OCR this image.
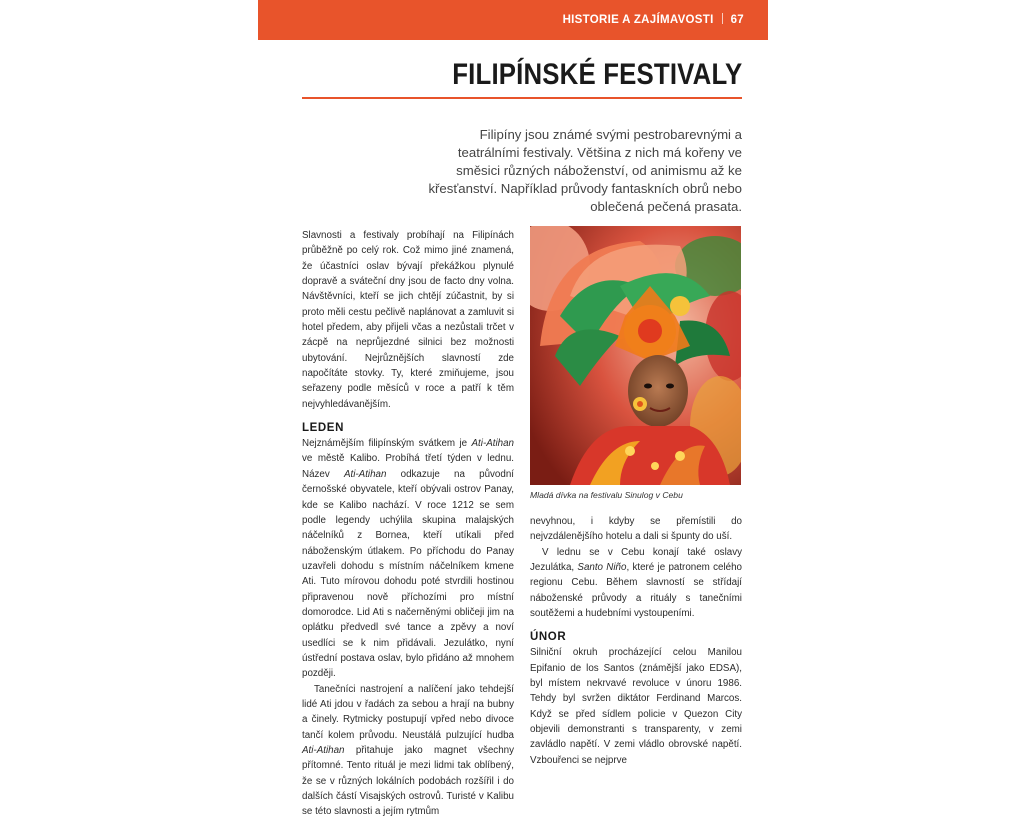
HISTORIE A ZAJÍMAVOSTI 67
FILIPÍNSKÉ FESTIVALY
Filipíny jsou známé svými pestrobarevnými a teatrálními festivaly. Většina z nich má kořeny ve směsici různých náboženství, od animismu až ke křesťanství. Například průvody fantaskních obrů nebo oblečená pečená prasata.

Slavnosti a festivaly probíhají na Filipínách průběžně po celý rok. Což mimo jiné znamená, že účastníci oslav bývají překážkou plynulé dopravě a sváteční dny jsou de facto dny volna. Návštěvníci, kteří se jich chtějí zúčastnit, by si proto měli cestu pečlivě naplánovat a zamluvit si hotel předem, aby přijeli včas a nezůstali trčet v zácpě na neprůjezdné silnici bez možnosti ubytování. Nejrůznějších slavností zde napočítáte stovky. Ty, které zmiňujeme, jsou seřazeny podle měsíců v roce a patří k těm nejvyhledávanějším.

LEDEN

Nejznámějším filipínským svátkem je Ati-Atihan ve městě Kalibo. Probíhá třetí týden v lednu. Název Ati-Atihan odkazuje na původní černošské obyvatele, kteří obývali ostrov Panay, kde se Kalibo nachází. V roce 1212 se sem podle legendy uchýlila skupina malajských náčelníků z Bornea, kteří utíkali před náboženským útlakem. Po příchodu do Panay uzavřeli dohodu s místním náčelníkem kmene Ati. Tuto mírovou dohodu poté stvrdili hostinou připravenou nově příchozími pro místní domorodce. Lid Ati s načerněnými obličeji jim na oplátku předvedl své tance a zpěvy a noví usedlíci se k nim přidávali. Jezulátko, nyní ústřední postava oslav, bylo přidáno až mnohem později.

Tanečníci nastrojení a nalíčení jako tehdejší lidé Ati jdou v řadách za sebou a hrají na bubny a činely. Rytmicky postupují vpřed nebo divoce tančí kolem průvodu. Neustálá pulzující hudba Ati-Atihan přitahuje jako magnet všechny přítomné. Tento rituál je mezi lidmi tak oblíbený, že se v různých lokálních podobách rozšířil i do dalších částí Visajských ostrovů. Turisté v Kalibu se této slavnosti a jejím rytmům

Mladá dívka na festivalu Sinulog v Cebu

nevyhnou, i kdyby se přemístili do nejvzdálenějšího hotelu a dali si špunty do uší.

V lednu se v Cebu konají také oslavy Jezulátka, Santo Niño, které je patronem celého regionu Cebu. Během slavností se střídají náboženské průvody a rituály s tanečními soutěžemi a hudebními vystoupeními.

ÚNOR

Silniční okruh procházející celou Manilou Epifanio de los Santos (známější jako EDSA), byl místem nekrvavé revoluce v únoru 1986. Tehdy byl svržen diktátor Ferdinand Marcos. Když se před sídlem policie v Quezon City objevili demonstranti s transparenty, v zemi zavládlo napětí. V zemi vládlo obrovské napětí. Vzbouřenci se nejprve
